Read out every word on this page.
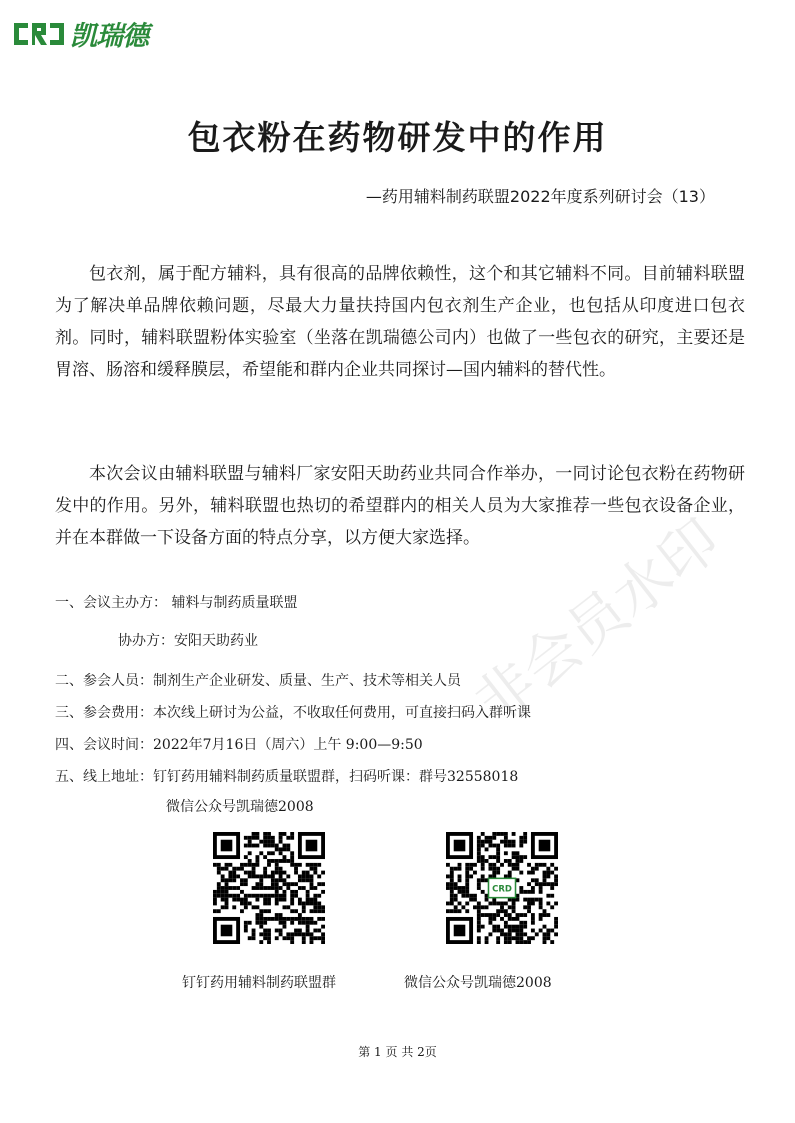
凯瑞德
包衣粉在药物研发中的作用
—药用辅料制药联盟2022年度系列研讨会（13）
包衣剂，属于配方辅料，具有很高的品牌依赖性，这个和其它辅料不同。目前辅料联盟为了解决单品牌依赖问题，尽最大力量扶持国内包衣剂生产企业，也包括从印度进口包衣剂。同时，辅料联盟粉体实验室（坐落在凯瑞德公司内）也做了一些包衣的研究，主要还是胃溶、肠溶和缓释膜层，希望能和群内企业共同探讨—国内辅料的替代性。
本次会议由辅料联盟与辅料厂家安阳天助药业共同合作举办，一同讨论包衣粉在药物研发中的作用。另外，辅料联盟也热切的希望群内的相关人员为大家推荐一些包衣设备企业，并在本群做一下设备方面的特点分享，以方便大家选择。
一、会议主办方： 辅料与制药质量联盟
协办方：安阳天助药业
二、参会人员：制剂生产企业研发、质量、生产、技术等相关人员
三、参会费用：本次线上研讨为公益，不收取任何费用，可直接扫码入群听课
四、会议时间：2022年7月16日（周六）上午 9:00—9:50
五、线上地址：钉钉药用辅料制药质量联盟群，扫码听课：群号32558018
微信公众号凯瑞德2008
CRD
钉钉药用辅料制药联盟群	微信公众号凯瑞德2008
非会员水印
第 1 页 共 2页
